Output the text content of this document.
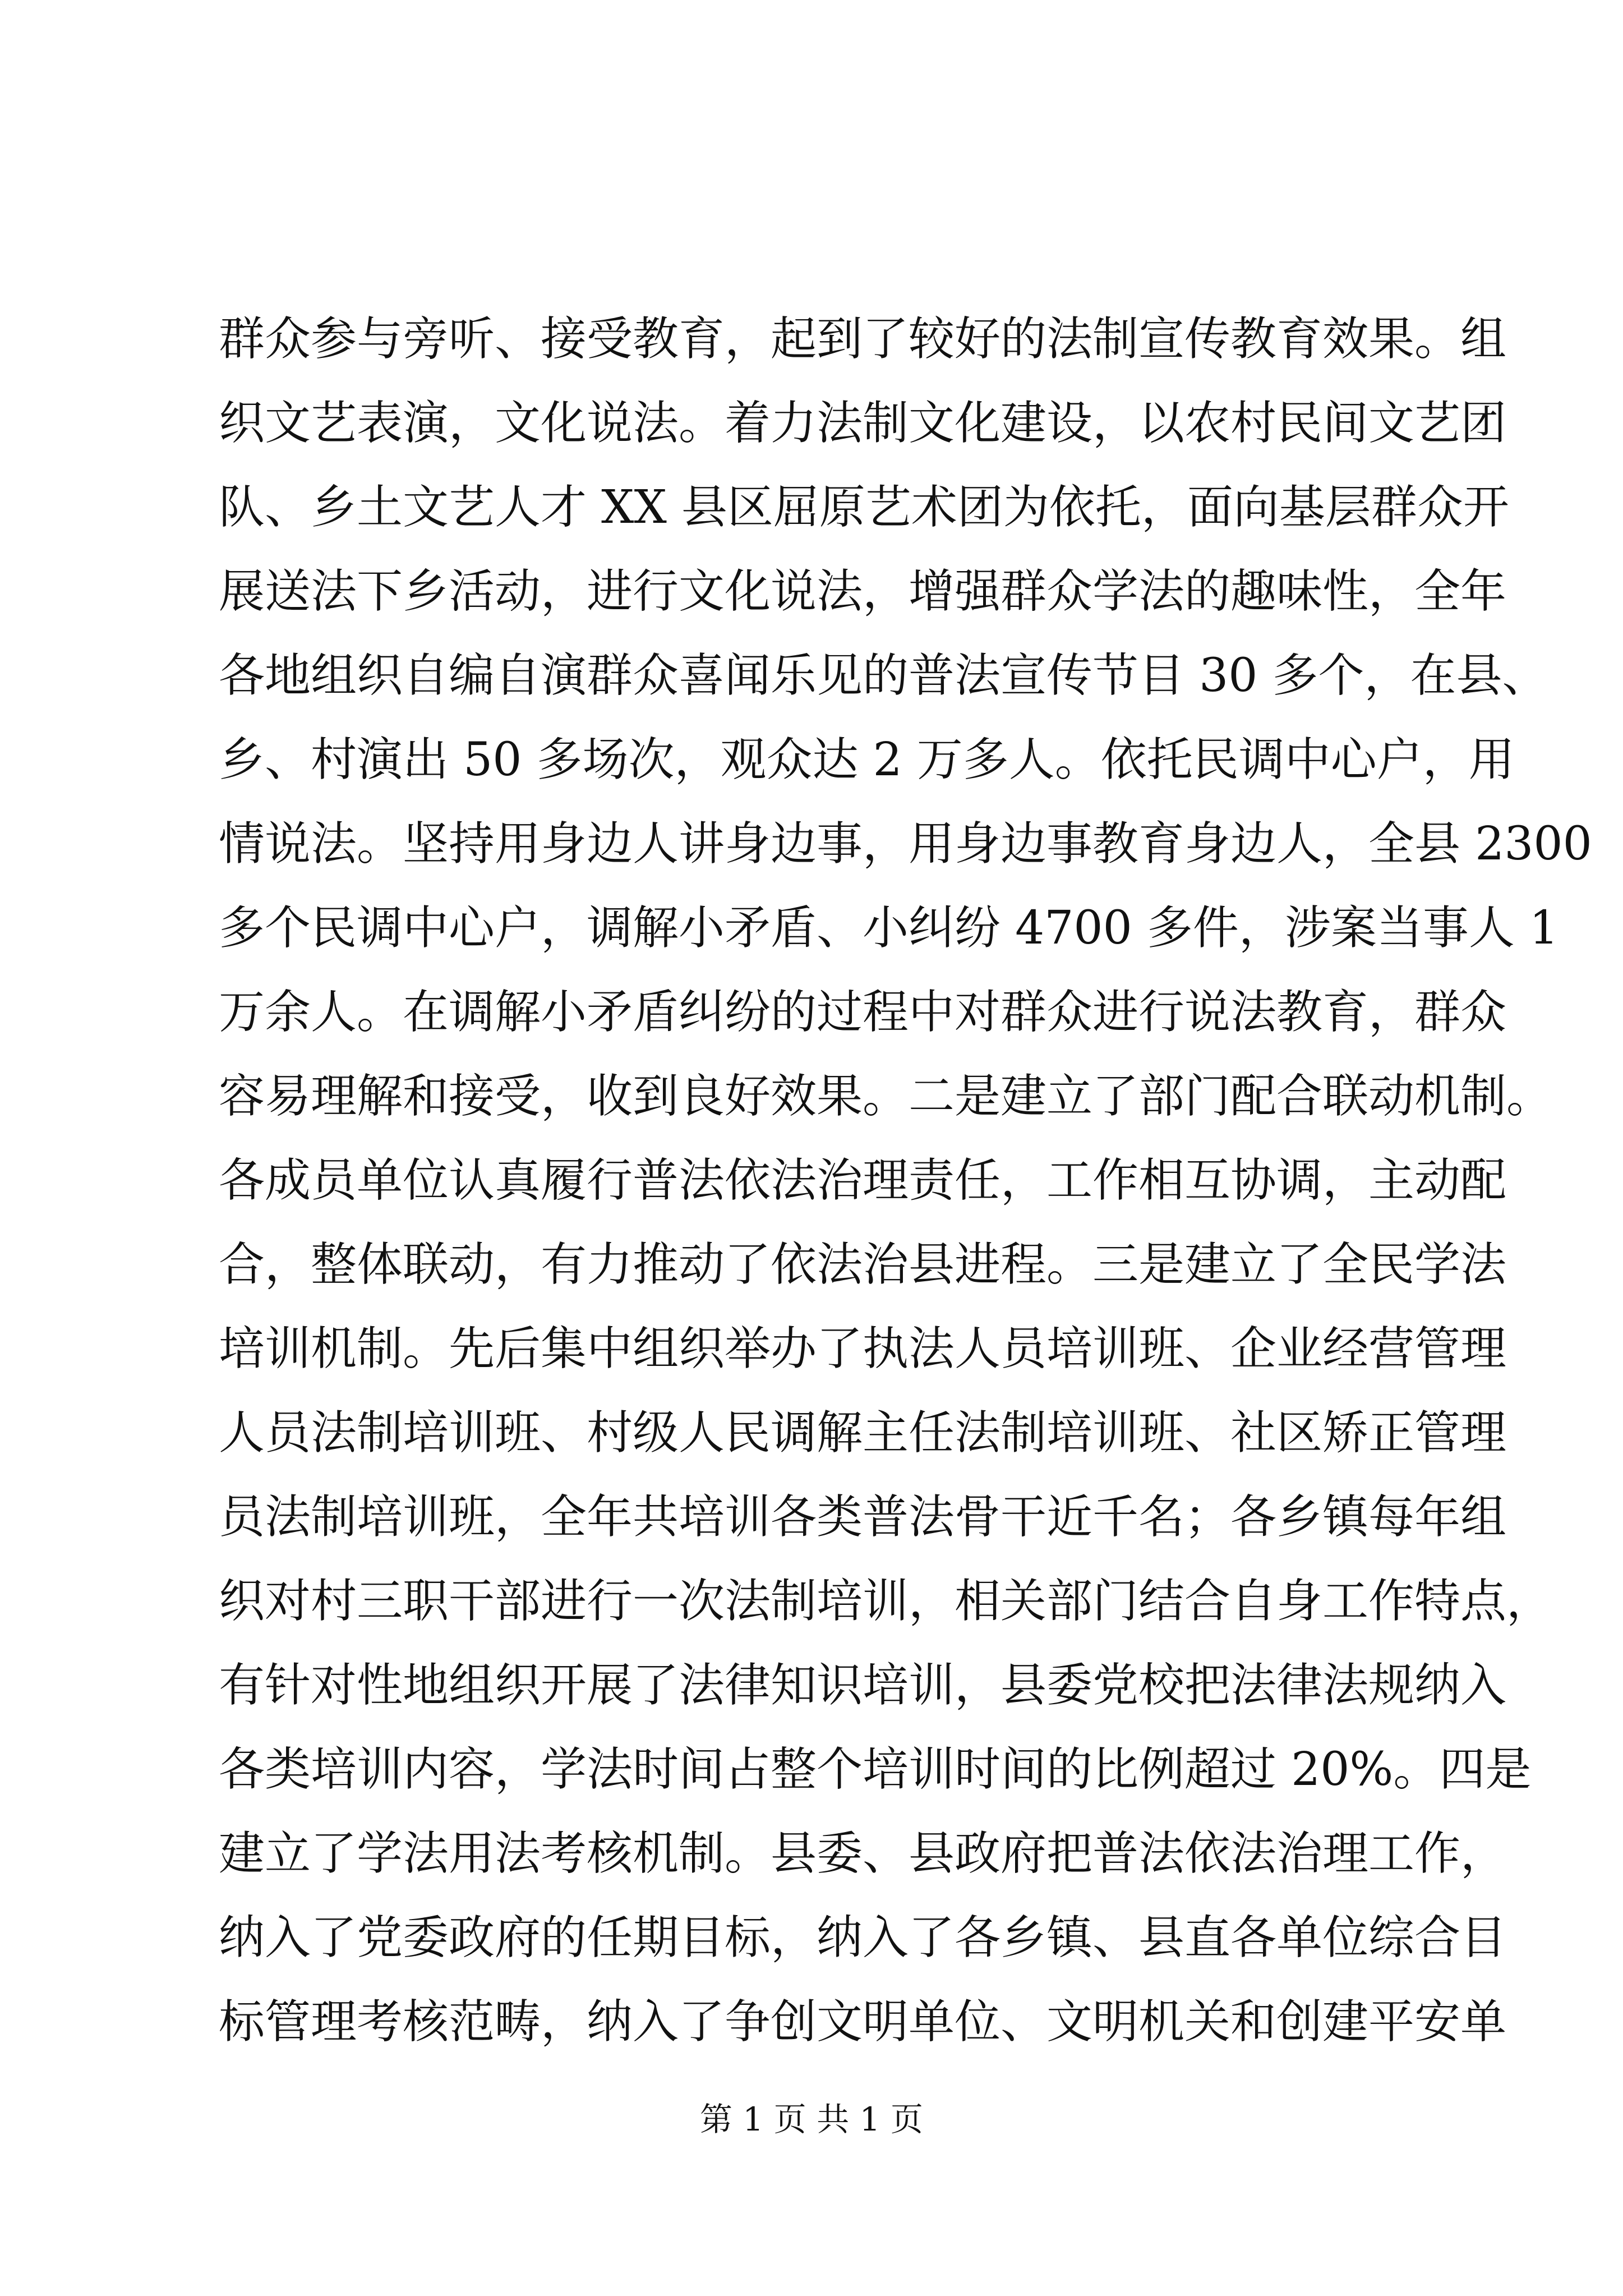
群众参与旁听、接受教育，起到了较好的法制宣传教育效果。组
织文艺表演，文化说法。着力法制文化建设，以农村民间文艺团
队、乡土文艺人才 XX 县区屈原艺术团为依托，面向基层群众开
展送法下乡活动，进行文化说法，增强群众学法的趣味性，全年
各地组织自编自演群众喜闻乐见的普法宣传节目 30 多个，在县、
乡、村演出 50 多场次，观众达 2 万多人。依托民调中心户，用
情说法。坚持用身边人讲身边事，用身边事教育身边人，全县 2300
多个民调中心户，调解小矛盾、小纠纷 4700 多件，涉案当事人 1
万余人。在调解小矛盾纠纷的过程中对群众进行说法教育，群众
容易理解和接受，收到良好效果。二是建立了部门配合联动机制。
各成员单位认真履行普法依法治理责任，工作相互协调，主动配
合，整体联动，有力推动了依法治县进程。三是建立了全民学法
培训机制。先后集中组织举办了执法人员培训班、企业经营管理
人员法制培训班、村级人民调解主任法制培训班、社区矫正管理
员法制培训班，全年共培训各类普法骨干近千名；各乡镇每年组
织对村三职干部进行一次法制培训，相关部门结合自身工作特点，
有针对性地组织开展了法律知识培训，县委党校把法律法规纳入
各类培训内容，学法时间占整个培训时间的比例超过 20%。四是
建立了学法用法考核机制。县委、县政府把普法依法治理工作，
纳入了党委政府的任期目标，纳入了各乡镇、县直各单位综合目
标管理考核范畴，纳入了争创文明单位、文明机关和创建平安单
第 1 页 共 1 页
